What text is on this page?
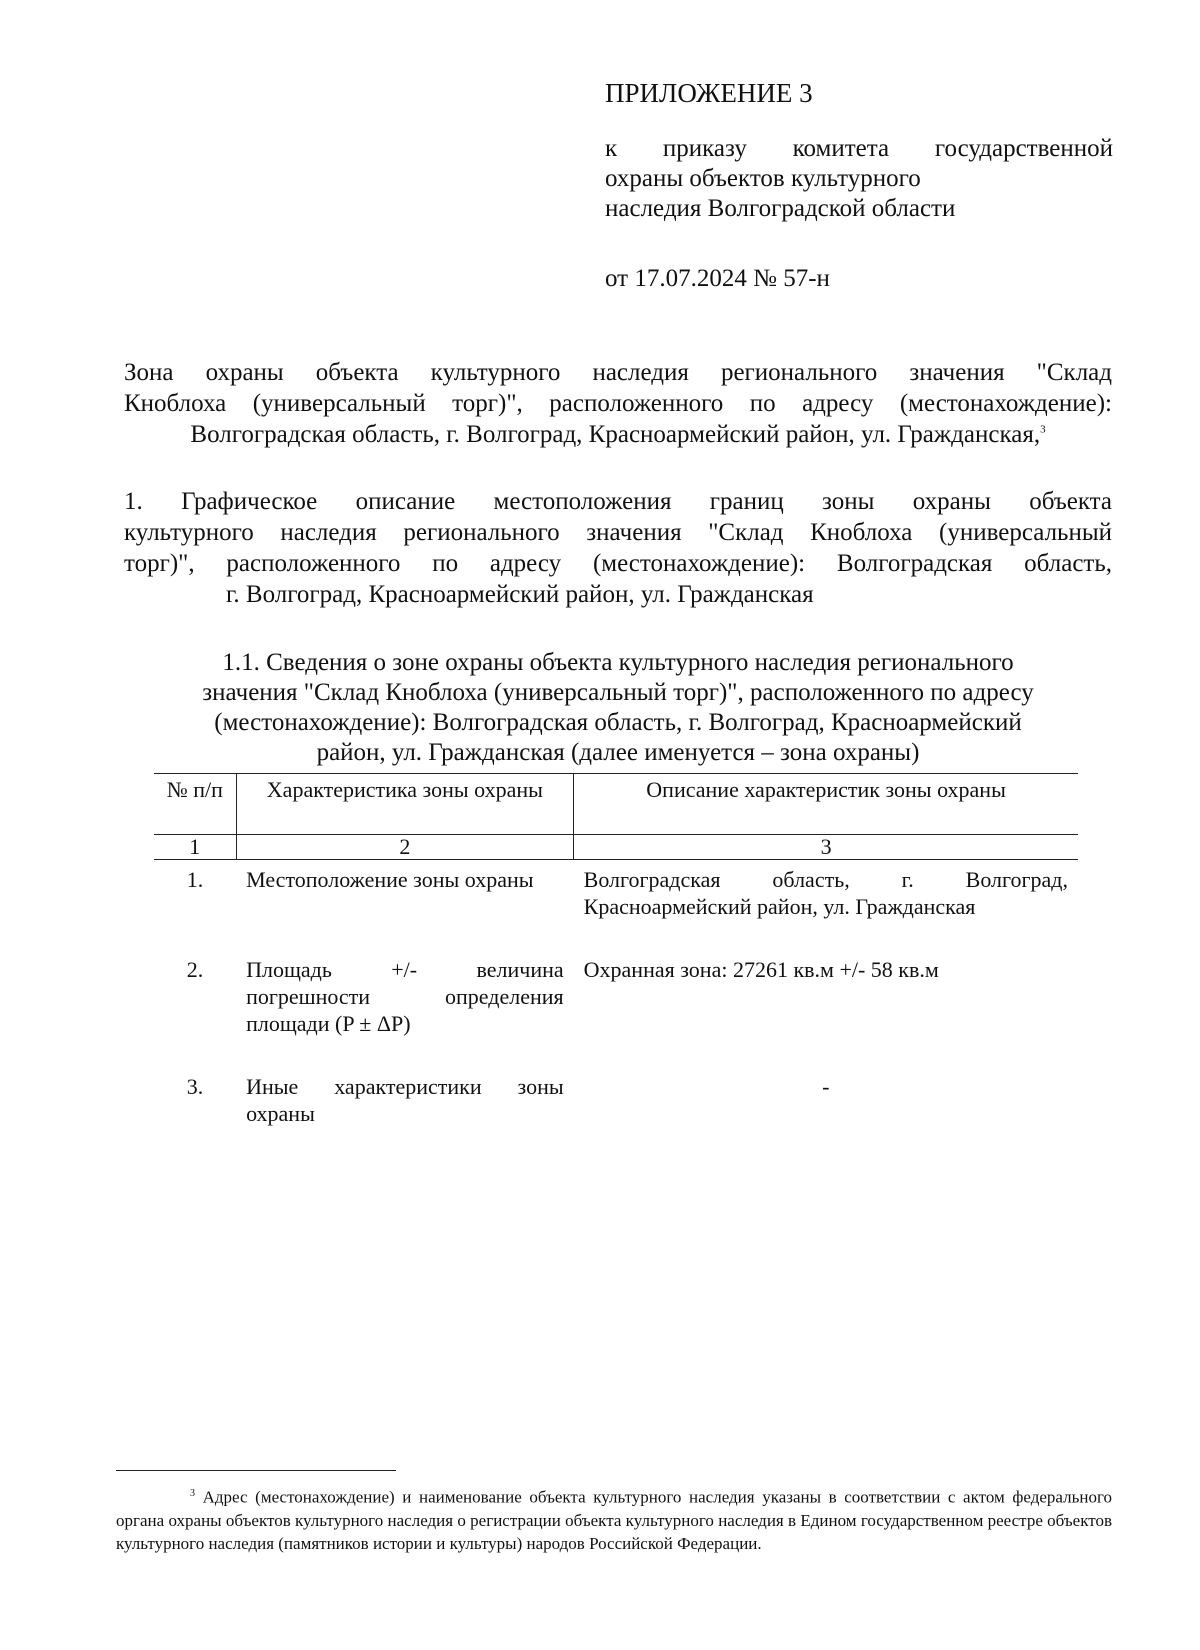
ПРИЛОЖЕНИЕ 3
к приказу комитета государственной
охраны объектов культурного
наследия Волгоградской области
от 17.07.2024 № 57-н
Зона охраны объекта культурного наследия регионального значения "Склад
Кноблоха (универсальный торг)", расположенного по адресу (местонахождение):
Волгоградская область, г. Волгоград, Красноармейский район, ул. Гражданская,$^3$
1. Графическое описание местоположения границ зоны охраны объекта
культурного наследия регионального значения "Склад Кноблоха (универсальный
торг)", расположенного по адресу (местонахождение): Волгоградская область,
г. Волгоград, Красноармейский район, ул. Гражданская
1.1. Сведения о зоне охраны объекта культурного наследия регионального
значения "Склад Кноблоха (универсальный торг)", расположенного по адресу
(местонахождение): Волгоградская область, г. Волгоград, Красноармейский
район, ул. Гражданская (далее именуется – зона охраны)
№ п/п	Характеристика зоны охраны	Описание характеристик зоны охраны
1	2	3
1.	Местоположение зоны охраны	Волгоградская область, г. Волгоград, Красноармейский район, ул. Гражданская
2.	Площадь +/- величина погрешности определения площади (P ± ΔP)	Охранная зона: 27261 кв.м +/- 58 кв.м
3.	Иные характеристики зоны охраны	-
$^3$ Адрес (местонахождение) и наименование объекта культурного наследия указаны в соответствии с актом федерального органа охраны объектов культурного наследия о регистрации объекта культурного наследия в Едином государственном реестре объектов культурного наследия (памятников истории и культуры) народов Российской Федерации.
